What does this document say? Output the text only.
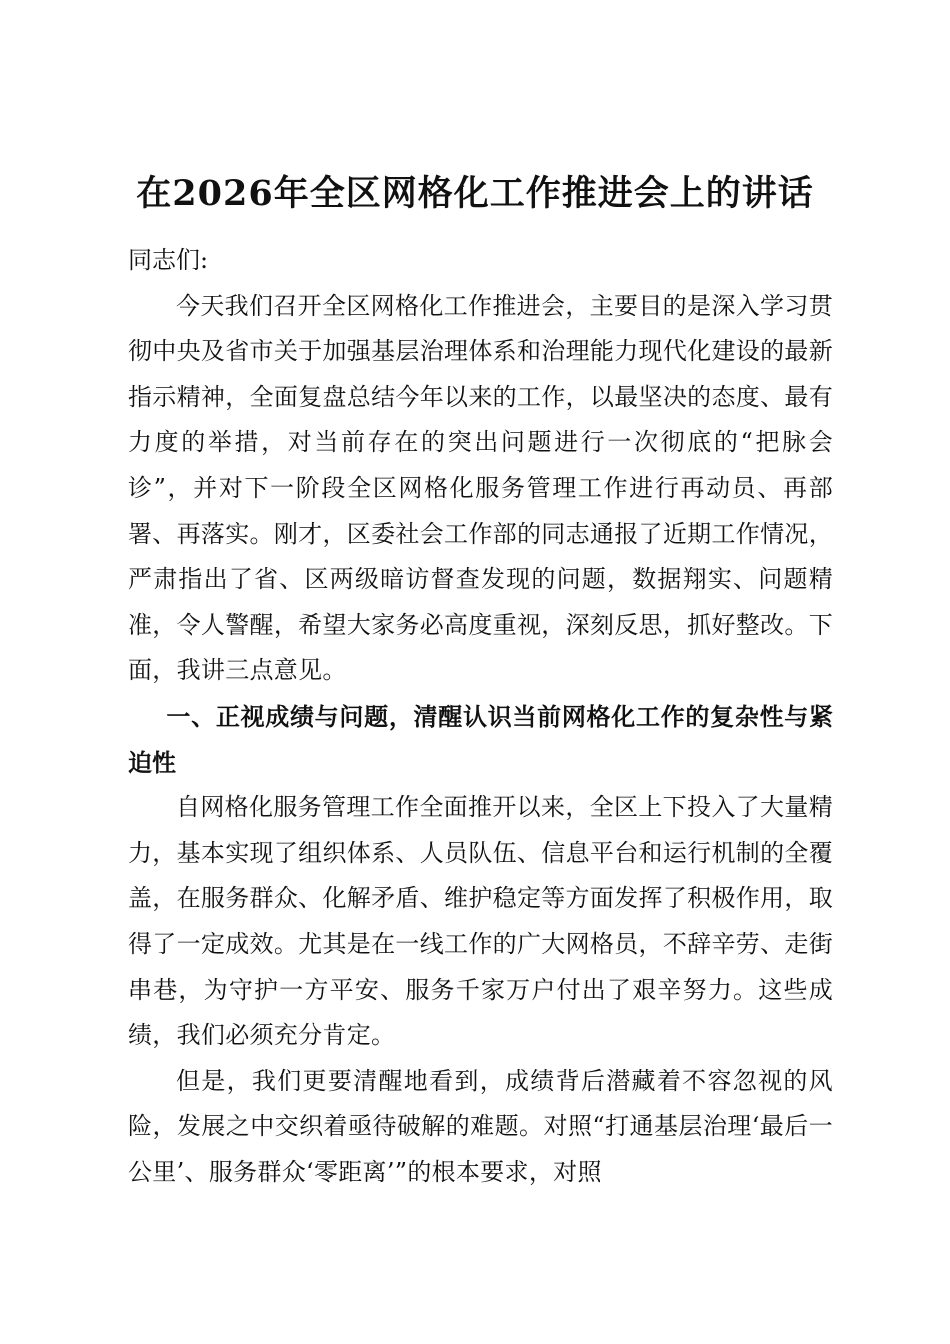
在2026年全区网格化工作推进会上的讲话

同志们:

今天我们召开全区网格化工作推进会，主要目的是深入学习贯彻中央及省市关于加强基层治理体系和治理能力现代化建设的最新指示精神，全面复盘总结今年以来的工作，以最坚决的态度、最有力度的举措，对当前存在的突出问题进行一次彻底的“把脉会诊”，并对下一阶段全区网格化服务管理工作进行再动员、再部署、再落实。刚才，区委社会工作部的同志通报了近期工作情况，严肃指出了省、区两级暗访督查发现的问题，数据翔实、问题精准，令人警醒，希望大家务必高度重视，深刻反思，抓好整改。下面，我讲三点意见。

一、正视成绩与问题，清醒认识当前网格化工作的复杂性与紧迫性

自网格化服务管理工作全面推开以来，全区上下投入了大量精力，基本实现了组织体系、人员队伍、信息平台和运行机制的全覆盖，在服务群众、化解矛盾、维护稳定等方面发挥了积极作用，取得了一定成效。尤其是在一线工作的广大网格员，不辞辛劳、走街串巷，为守护一方平安、服务千家万户付出了艰辛努力。这些成绩，我们必须充分肯定。

但是，我们更要清醒地看到，成绩背后潜藏着不容忽视的风险，发展之中交织着亟待破解的难题。对照“打通基层治理‘最后一公里’、服务群众‘零距离’”的根本要求，对照
